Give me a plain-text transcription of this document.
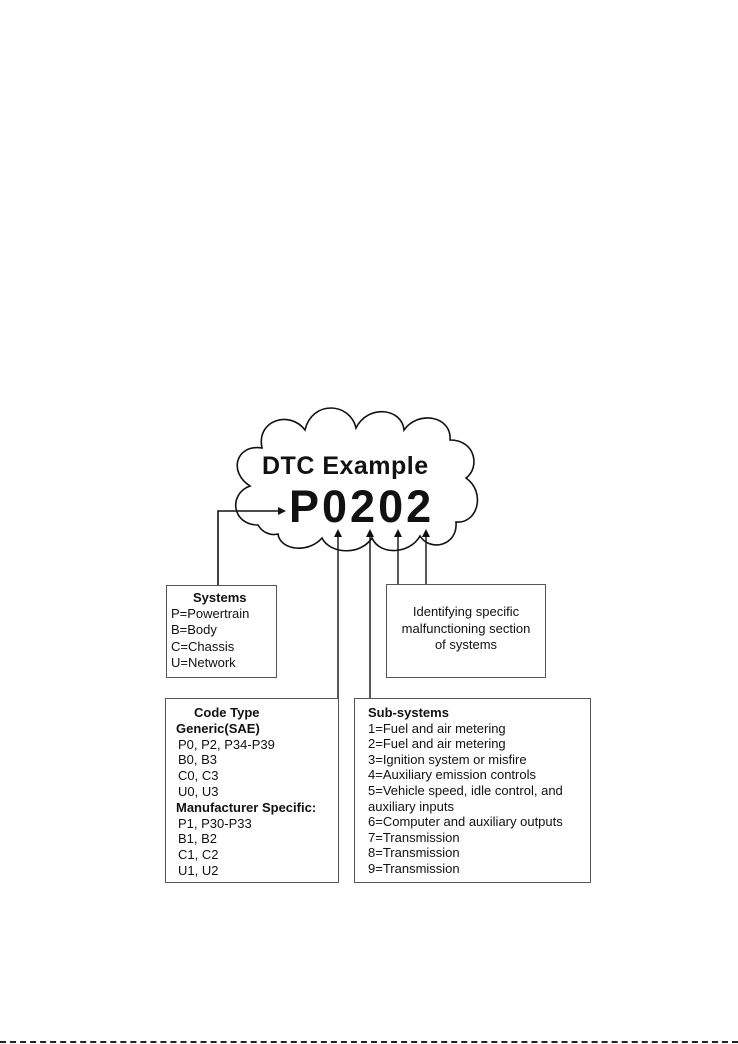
DTC Example
P0202
Systems
P=Powertrain
B=Body
C=Chassis
U=Network
Identifying specific
malfunctioning section
of systems
Code Type
Generic(SAE)
P0, P2, P34-P39
B0, B3
C0, C3
U0, U3
Manufacturer Specific:
P1, P30-P33
B1, B2
C1, C2
U1, U2
Sub-systems
1=Fuel and air metering
2=Fuel and air metering
3=Ignition system or misfire
4=Auxiliary emission controls
5=Vehicle speed, idle control, and
auxiliary inputs
6=Computer and auxiliary outputs
7=Transmission
8=Transmission
9=Transmission
